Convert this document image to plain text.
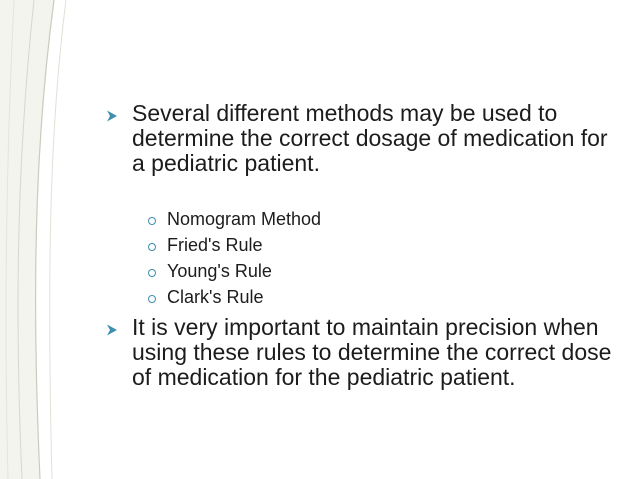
Several different methods may be used to determine the correct dosage of medication for a pediatric patient.
Nomogram Method
Fried's Rule
Young's Rule
Clark's Rule
It is very important to maintain precision when using these rules to determine the correct dose of medication for the pediatric patient.
